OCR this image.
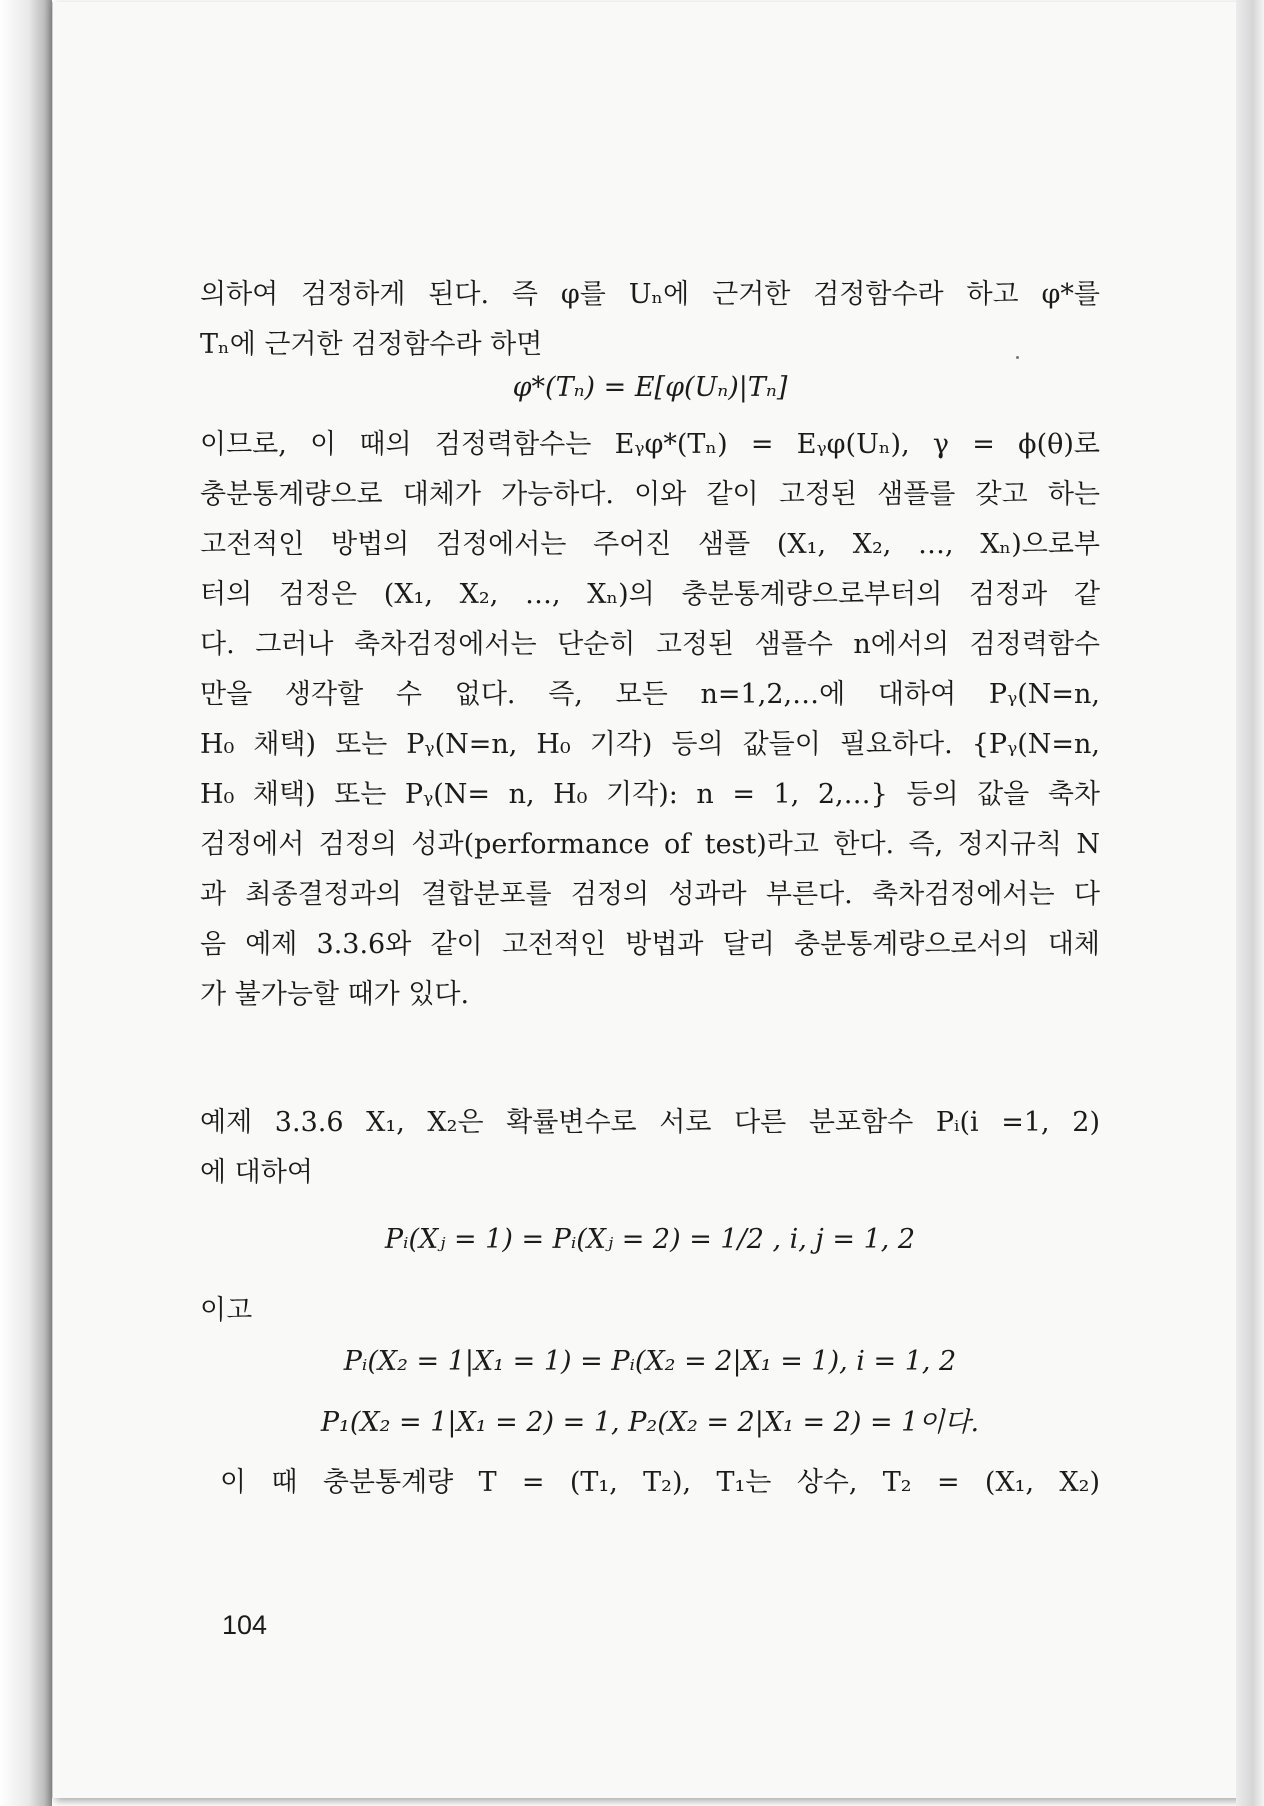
의하여 검정하게 된다. 즉 φ를 Uₙ에 근거한 검정함수라 하고 φ*를
Tₙ에 근거한 검정함수라 하면
φ*(Tₙ) = E[φ(Uₙ)|Tₙ]
이므로, 이 때의 검정력함수는 Eᵧφ*(Tₙ) = Eᵧφ(Uₙ), γ = ϕ(θ)로
충분통계량으로 대체가 가능하다. 이와 같이 고정된 샘플를 갖고 하는
고전적인 방법의 검정에서는 주어진 샘플 (X₁, X₂, …, Xₙ)으로부
터의 검정은 (X₁, X₂, …, Xₙ)의 충분통계량으로부터의 검정과 같
다. 그러나 축차검정에서는 단순히 고정된 샘플수 n에서의 검정력함수
만을 생각할 수 없다. 즉, 모든 n=1,2,…에 대하여 Pᵧ(N=n,
H₀ 채택) 또는 Pᵧ(N=n, H₀ 기각) 등의 값들이 필요하다. {Pᵧ(N=n,
H₀ 채택) 또는 Pᵧ(N= n, H₀ 기각): n = 1, 2,…} 등의 값을 축차
검정에서 검정의 성과(performance of test)라고 한다. 즉, 정지규칙 N
과 최종결정과의 결합분포를 검정의 성과라 부른다. 축차검정에서는 다
음 예제 3.3.6와 같이 고전적인 방법과 달리 충분통계량으로서의 대체
가 불가능할 때가 있다.
예제 3.3.6 X₁, X₂은 확률변수로 서로 다른 분포함수 Pᵢ(i =1, 2)
에 대하여
Pᵢ(Xⱼ = 1) = Pᵢ(Xⱼ = 2) = 1/2 , i, j = 1, 2
이고
Pᵢ(X₂ = 1|X₁ = 1) = Pᵢ(X₂ = 2|X₁ = 1), i = 1, 2
P₁(X₂ = 1|X₁ = 2) = 1, P₂(X₂ = 2|X₁ = 2) = 1이다.
이 때 충분통계량 T = (T₁, T₂), T₁는 상수, T₂ = (X₁, X₂)
104
